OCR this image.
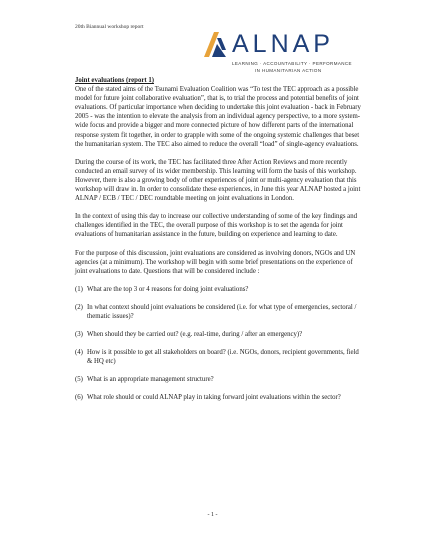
20th Biannual workshop report
ALNAP
LEARNING · ACCOUNTABILITY · PERFORMANCE
IN HUMANITARIAN ACTION
Joint evaluations (report 1)

One of the stated aims of the Tsunami Evaluation Coalition was “To test the TEC approach as a possible model for future joint collaborative evaluation”, that is, to trial the process and potential benefits of joint evaluations. Of particular importance when deciding to undertake this joint evaluation - back in February 2005 - was the intention to elevate the analysis from an individual agency perspective, to a more system-wide focus and provide a bigger and more connected picture of how different parts of the international response system fit together, in order to grapple with some of the ongoing systemic challenges that beset the humanitarian system. The TEC also aimed to reduce the overall “load” of single-agency evaluations.

During the course of its work, the TEC has facilitated three After Action Reviews and more recently conducted an email survey of its wider membership. This learning will form the basis of this workshop. However, there is also a growing body of other experiences of joint or multi-agency evaluation that this workshop will draw in. In order to consolidate these experiences, in June this year ALNAP hosted a joint ALNAP / ECB / TEC / DEC roundtable meeting on joint evaluations in London.

In the context of using this day to increase our collective understanding of some of the key findings and challenges identified in the TEC, the overall purpose of this workshop is to set the agenda for joint evaluations of humanitarian assistance in the future, building on experience and learning to date.

For the purpose of this discussion, joint evaluations are considered as involving donors, NGOs and UN agencies (at a minimum). The workshop will begin with some brief presentations on the experience of joint evaluations to date. Questions that will be considered include :

(1) What are the top 3 or 4 reasons for doing joint evaluations?
(2) In what context should joint evaluations be considered (i.e. for what type of emergencies, sectoral / thematic issues)?
(3) When should they be carried out? (e.g. real-time, during / after an emergency)?
(4) How is it possible to get all stakeholders on board? (i.e. NGOs, donors, recipient governments, field & HQ etc)
(5) What is an appropriate management structure?
(6) What role should or could ALNAP play in taking forward joint evaluations within the sector?
- 1 -
